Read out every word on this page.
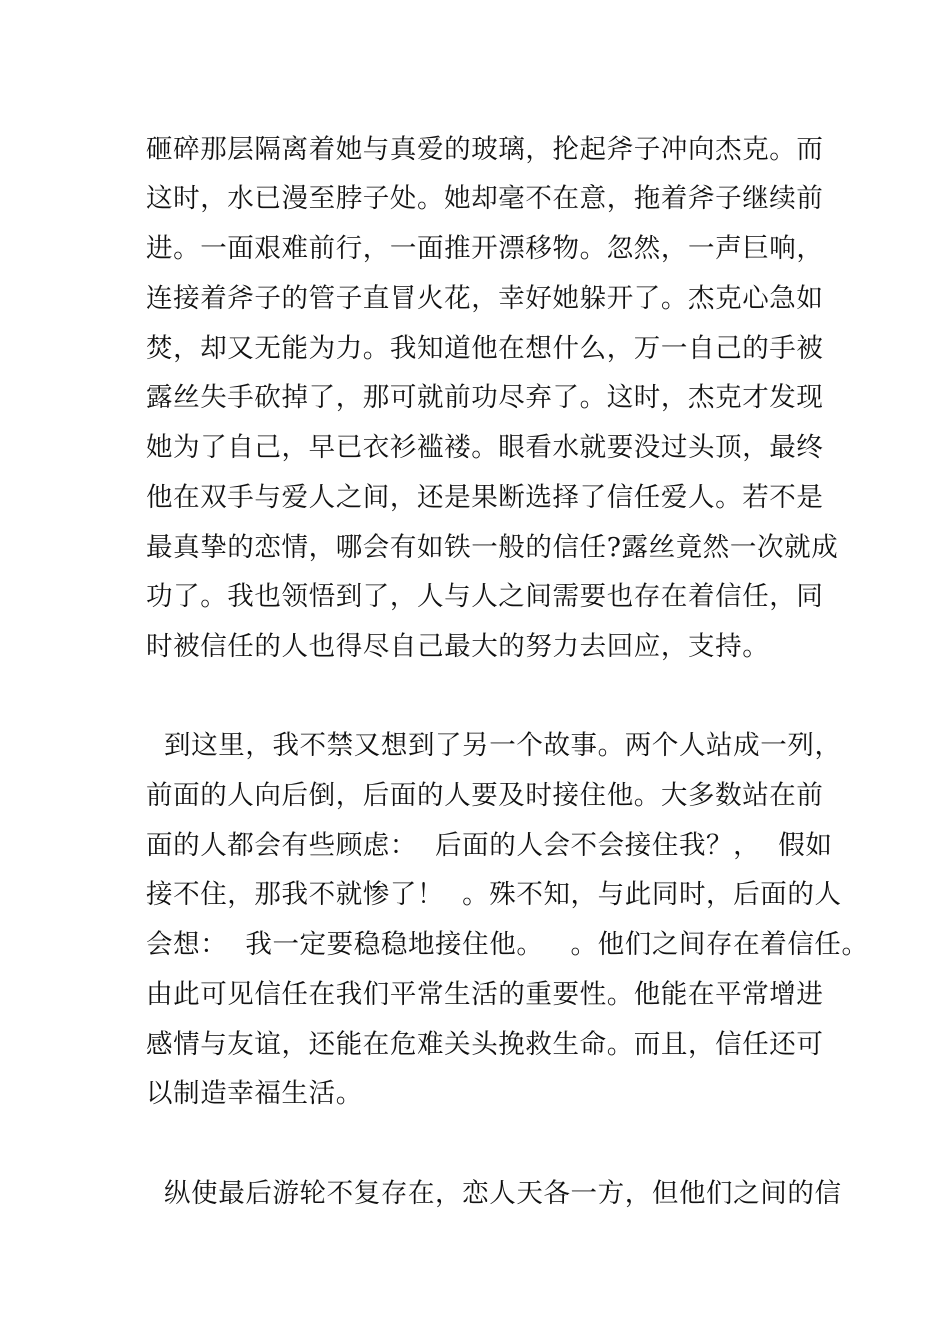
砸碎那层隔离着她与真爱的玻璃，抡起斧子冲向杰克。而
这时，水已漫至脖子处。她却毫不在意，拖着斧子继续前
进。一面艰难前行，一面推开漂移物。忽然，一声巨响，
连接着斧子的管子直冒火花，幸好她躲开了。杰克心急如
焚，却又无能为力。我知道他在想什么，万一自己的手被
露丝失手砍掉了，那可就前功尽弃了。这时，杰克才发现
她为了自己，早已衣衫褴褛。眼看水就要没过头顶，最终
他在双手与爱人之间，还是果断选择了信任爱人。若不是
最真挚的恋情，哪会有如铁一般的信任?露丝竟然一次就成
功了。我也领悟到了，人与人之间需要也存在着信任，同
时被信任的人也得尽自己最大的努力去回应，支持。
到这里，我不禁又想到了另一个故事。两个人站成一列，
前面的人向后倒，后面的人要及时接住他。大多数站在前
面的人都会有些顾虑：  后面的人会不会接住我？，  假如
接不住，那我不就惨了！  。殊不知，与此同时，后面的人
会想：  我一定要稳稳地接住他。   。他们之间存在着信任。
由此可见信任在我们平常生活的重要性。他能在平常增进
感情与友谊，还能在危难关头挽救生命。而且，信任还可
以制造幸福生活。
纵使最后游轮不复存在，恋人天各一方，但他们之间的信
